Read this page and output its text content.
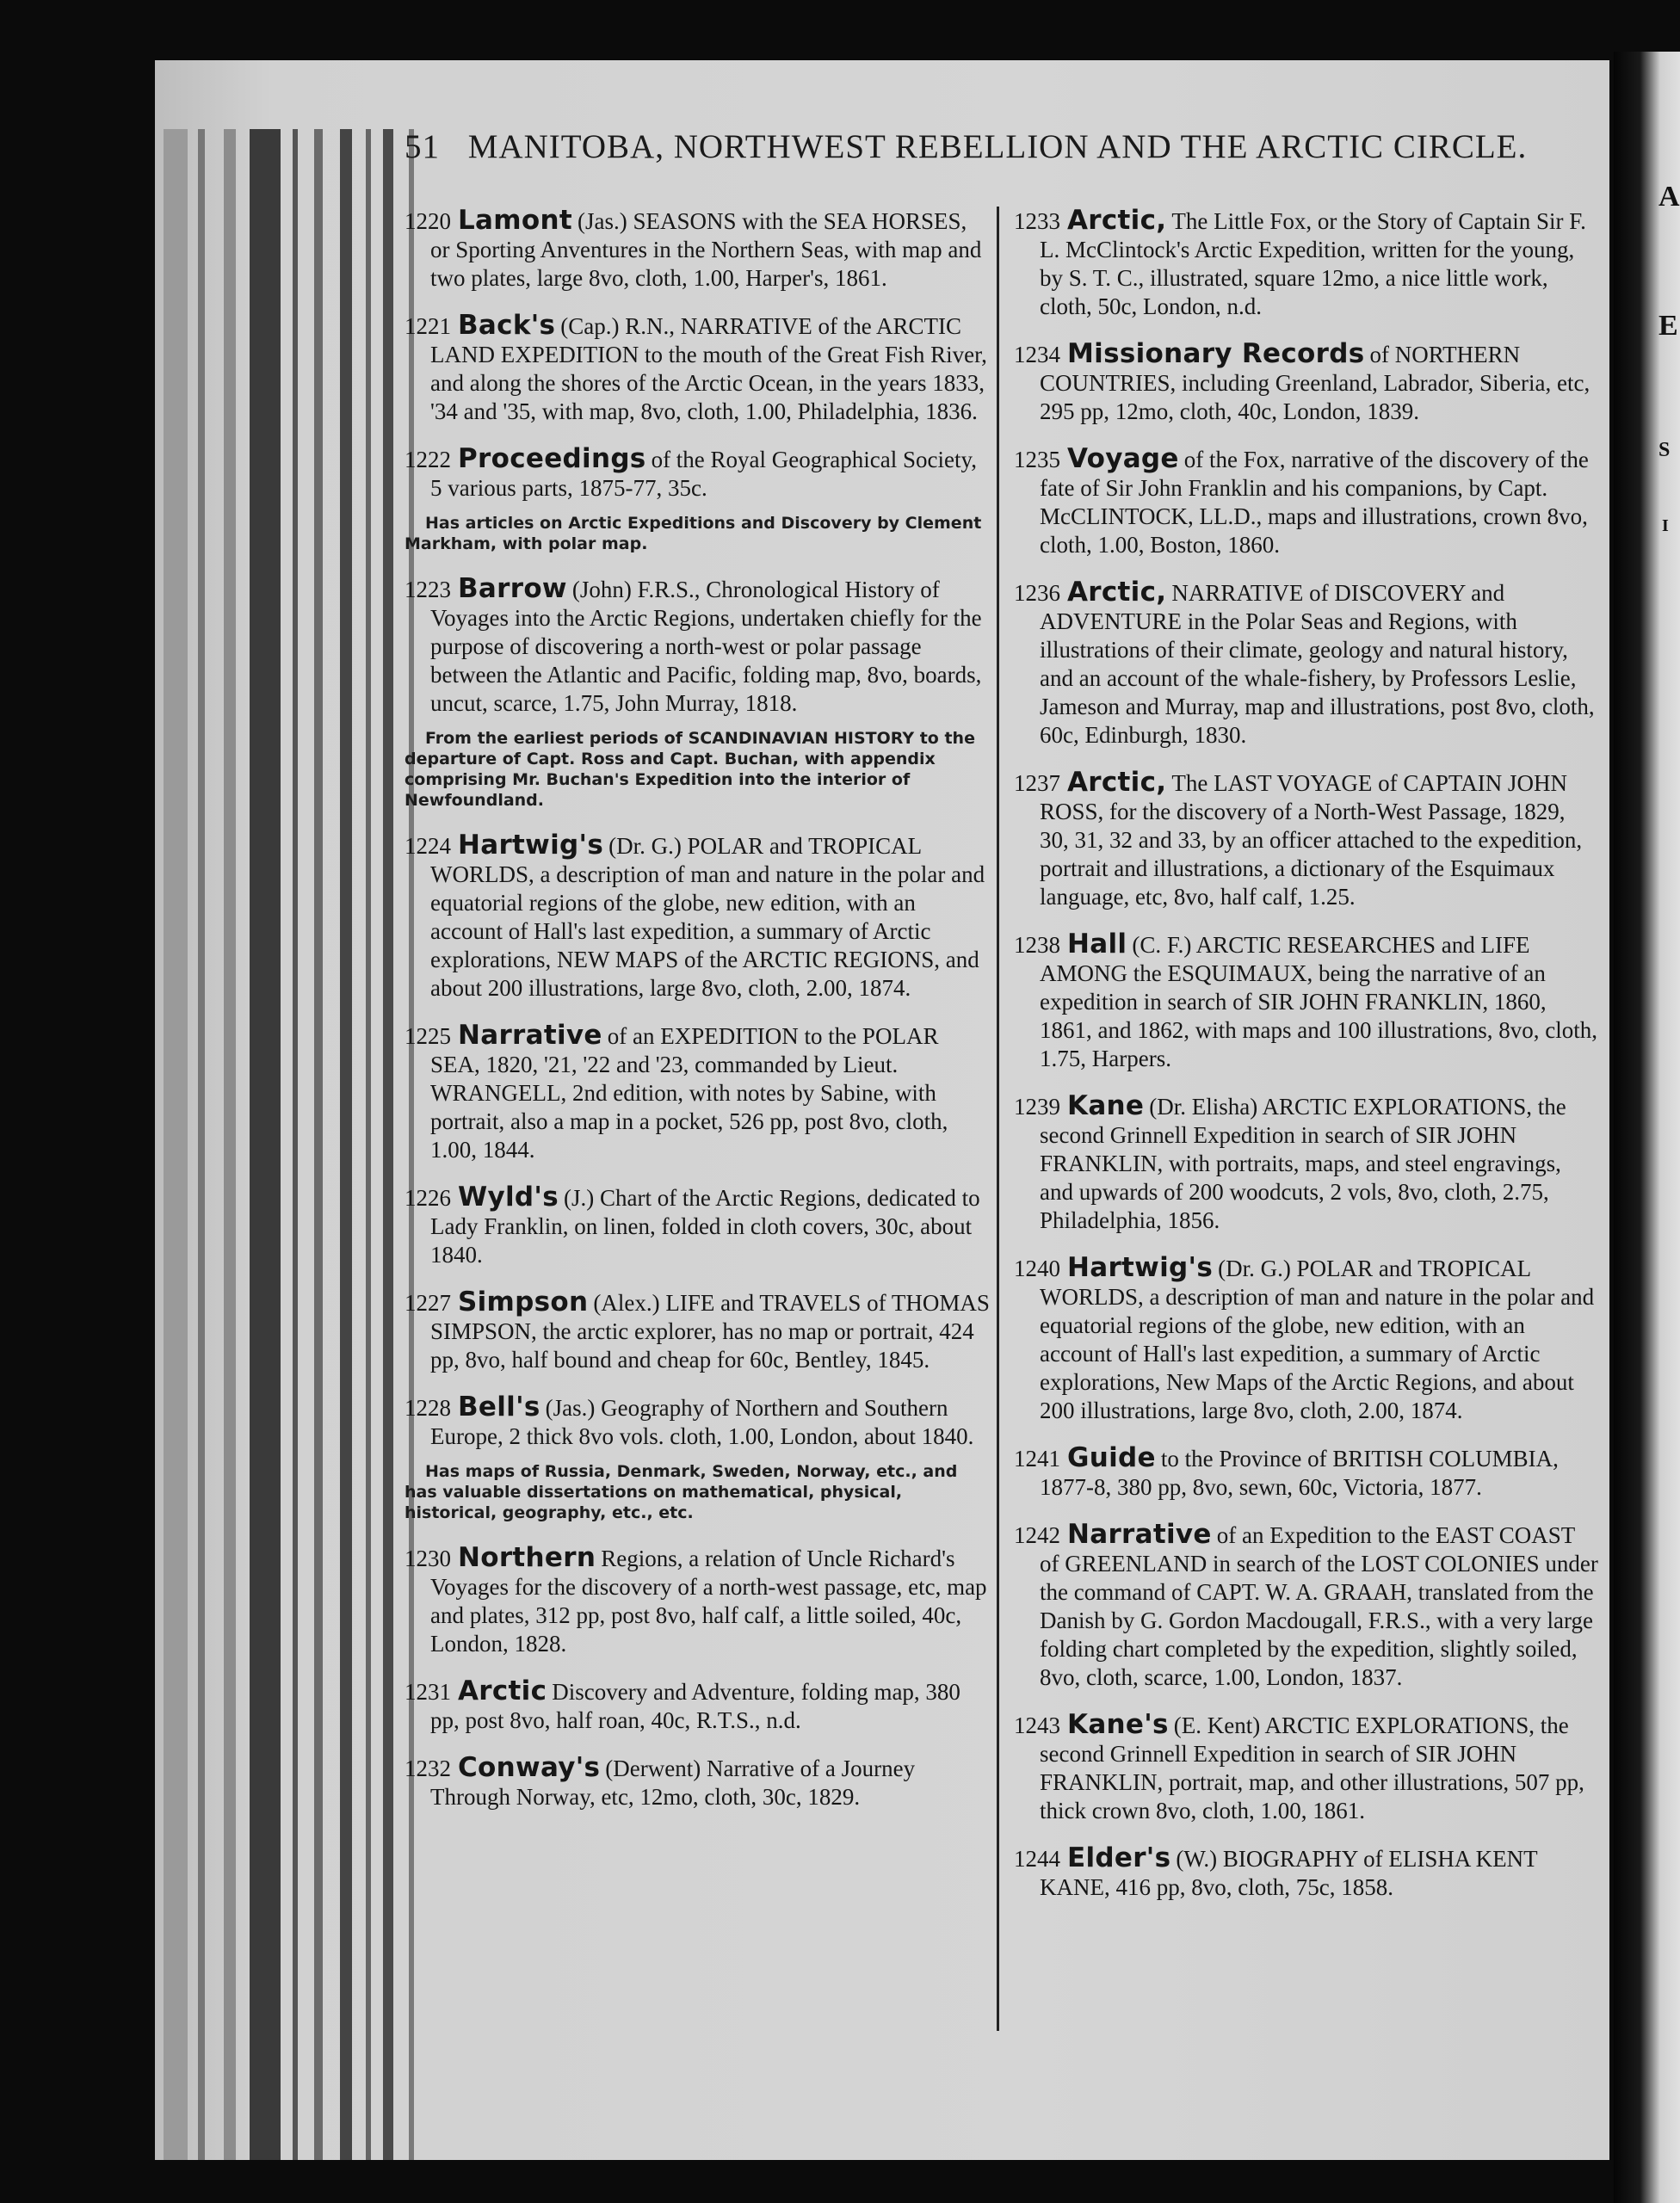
51 MANITOBA, NORTHWEST REBELLION AND THE ARCTIC CIRCLE.
1220 Lamont (Jas.) SEASONS with the SEA HORSES, or Sporting Anventures in the Northern Seas, with map and two plates, large 8vo, cloth, 1.00, Harper's, 1861.
1221 Back's (Cap.) R.N., NARRATIVE of the ARCTIC LAND EXPEDITION to the mouth of the Great Fish River, and along the shores of the Arctic Ocean, in the years 1833, '34 and '35, with map, 8vo, cloth, 1.00, Philadelphia, 1836.
1222 Proceedings of the Royal Geographical Society, 5 various parts, 1875-77, 35c.
Has articles on Arctic Expeditions and Discovery by Clement Markham, with polar map.
1223 Barrow (John) F.R.S., Chronological History of Voyages into the Arctic Regions, undertaken chiefly for the purpose of discovering a north-west or polar passage between the Atlantic and Pacific, folding map, 8vo, boards, uncut, scarce, 1.75, John Murray, 1818.
From the earliest periods of SCANDINAVIAN HISTORY to the departure of Capt. Ross and Capt. Buchan, with appendix comprising Mr. Buchan's Expedition into the interior of Newfoundland.
1224 Hartwig's (Dr. G.) POLAR and TROPICAL WORLDS, a description of man and nature in the polar and equatorial regions of the globe, new edition, with an account of Hall's last expedition, a summary of Arctic explorations, NEW MAPS of the ARCTIC REGIONS, and about 200 illustrations, large 8vo, cloth, 2.00, 1874.
1225 Narrative of an EXPEDITION to the POLAR SEA, 1820, '21, '22 and '23, commanded by Lieut. WRANGELL, 2nd edition, with notes by Sabine, with portrait, also a map in a pocket, 526 pp, post 8vo, cloth, 1.00, 1844.
1226 Wyld's (J.) Chart of the Arctic Regions, dedicated to Lady Franklin, on linen, folded in cloth covers, 30c, about 1840.
1227 Simpson (Alex.) LIFE and TRAVELS of THOMAS SIMPSON, the arctic explorer, has no map or portrait, 424 pp, 8vo, half bound and cheap for 60c, Bentley, 1845.
1228 Bell's (Jas.) Geography of Northern and Southern Europe, 2 thick 8vo vols. cloth, 1.00, London, about 1840.
Has maps of Russia, Denmark, Sweden, Norway, etc., and has valuable dissertations on mathematical, physical, historical, geography, etc., etc.
1230 Northern Regions, a relation of Uncle Richard's Voyages for the discovery of a north-west passage, etc, map and plates, 312 pp, post 8vo, half calf, a little soiled, 40c, London, 1828.
1231 Arctic Discovery and Adventure, folding map, 380 pp, post 8vo, half roan, 40c, R.T.S., n.d.
1232 Conway's (Derwent) Narrative of a Journey Through Norway, etc, 12mo, cloth, 30c, 1829.
1233 Arctic, The Little Fox, or the Story of Captain Sir F. L. McClintock's Arctic Expedition, written for the young, by S. T. C., illustrated, square 12mo, a nice little work, cloth, 50c, London, n.d.
1234 Missionary Records of NORTHERN COUNTRIES, including Greenland, Labrador, Siberia, etc, 295 pp, 12mo, cloth, 40c, London, 1839.
1235 Voyage of the Fox, narrative of the discovery of the fate of Sir John Franklin and his companions, by Capt. McCLINTOCK, LL.D., maps and illustrations, crown 8vo, cloth, 1.00, Boston, 1860.
1236 Arctic, NARRATIVE of DISCOVERY and ADVENTURE in the Polar Seas and Regions, with illustrations of their climate, geology and natural history, and an account of the whale-fishery, by Professors Leslie, Jameson and Murray, map and illustrations, post 8vo, cloth, 60c, Edinburgh, 1830.
1237 Arctic, The LAST VOYAGE of CAPTAIN JOHN ROSS, for the discovery of a North-West Passage, 1829, 30, 31, 32 and 33, by an officer attached to the expedition, portrait and illustrations, a dictionary of the Esquimaux language, etc, 8vo, half calf, 1.25.
1238 Hall (C. F.) ARCTIC RESEARCHES and LIFE AMONG the ESQUIMAUX, being the narrative of an expedition in search of SIR JOHN FRANKLIN, 1860, 1861, and 1862, with maps and 100 illustrations, 8vo, cloth, 1.75, Harpers.
1239 Kane (Dr. Elisha) ARCTIC EXPLORATIONS, the second Grinnell Expedition in search of SIR JOHN FRANKLIN, with portraits, maps, and steel engravings, and upwards of 200 woodcuts, 2 vols, 8vo, cloth, 2.75, Philadelphia, 1856.
1240 Hartwig's (Dr. G.) POLAR and TROPICAL WORLDS, a description of man and nature in the polar and equatorial regions of the globe, new edition, with an account of Hall's last expedition, a summary of Arctic explorations, New Maps of the Arctic Regions, and about 200 illustrations, large 8vo, cloth, 2.00, 1874.
1241 Guide to the Province of BRITISH COLUMBIA, 1877-8, 380 pp, 8vo, sewn, 60c, Victoria, 1877.
1242 Narrative of an Expedition to the EAST COAST of GREENLAND in search of the LOST COLONIES under the command of CAPT. W. A. GRAAH, translated from the Danish by G. Gordon Macdougall, F.R.S., with a very large folding chart completed by the expedition, slightly soiled, 8vo, cloth, scarce, 1.00, London, 1837.
1243 Kane's (E. Kent) ARCTIC EXPLORATIONS, the second Grinnell Expedition in search of SIR JOHN FRANKLIN, portrait, map, and other illustrations, 507 pp, thick crown 8vo, cloth, 1.00, 1861.
1244 Elder's (W.) BIOGRAPHY of ELISHA KENT KANE, 416 pp, 8vo, cloth, 75c, 1858.
A
E
S
I
